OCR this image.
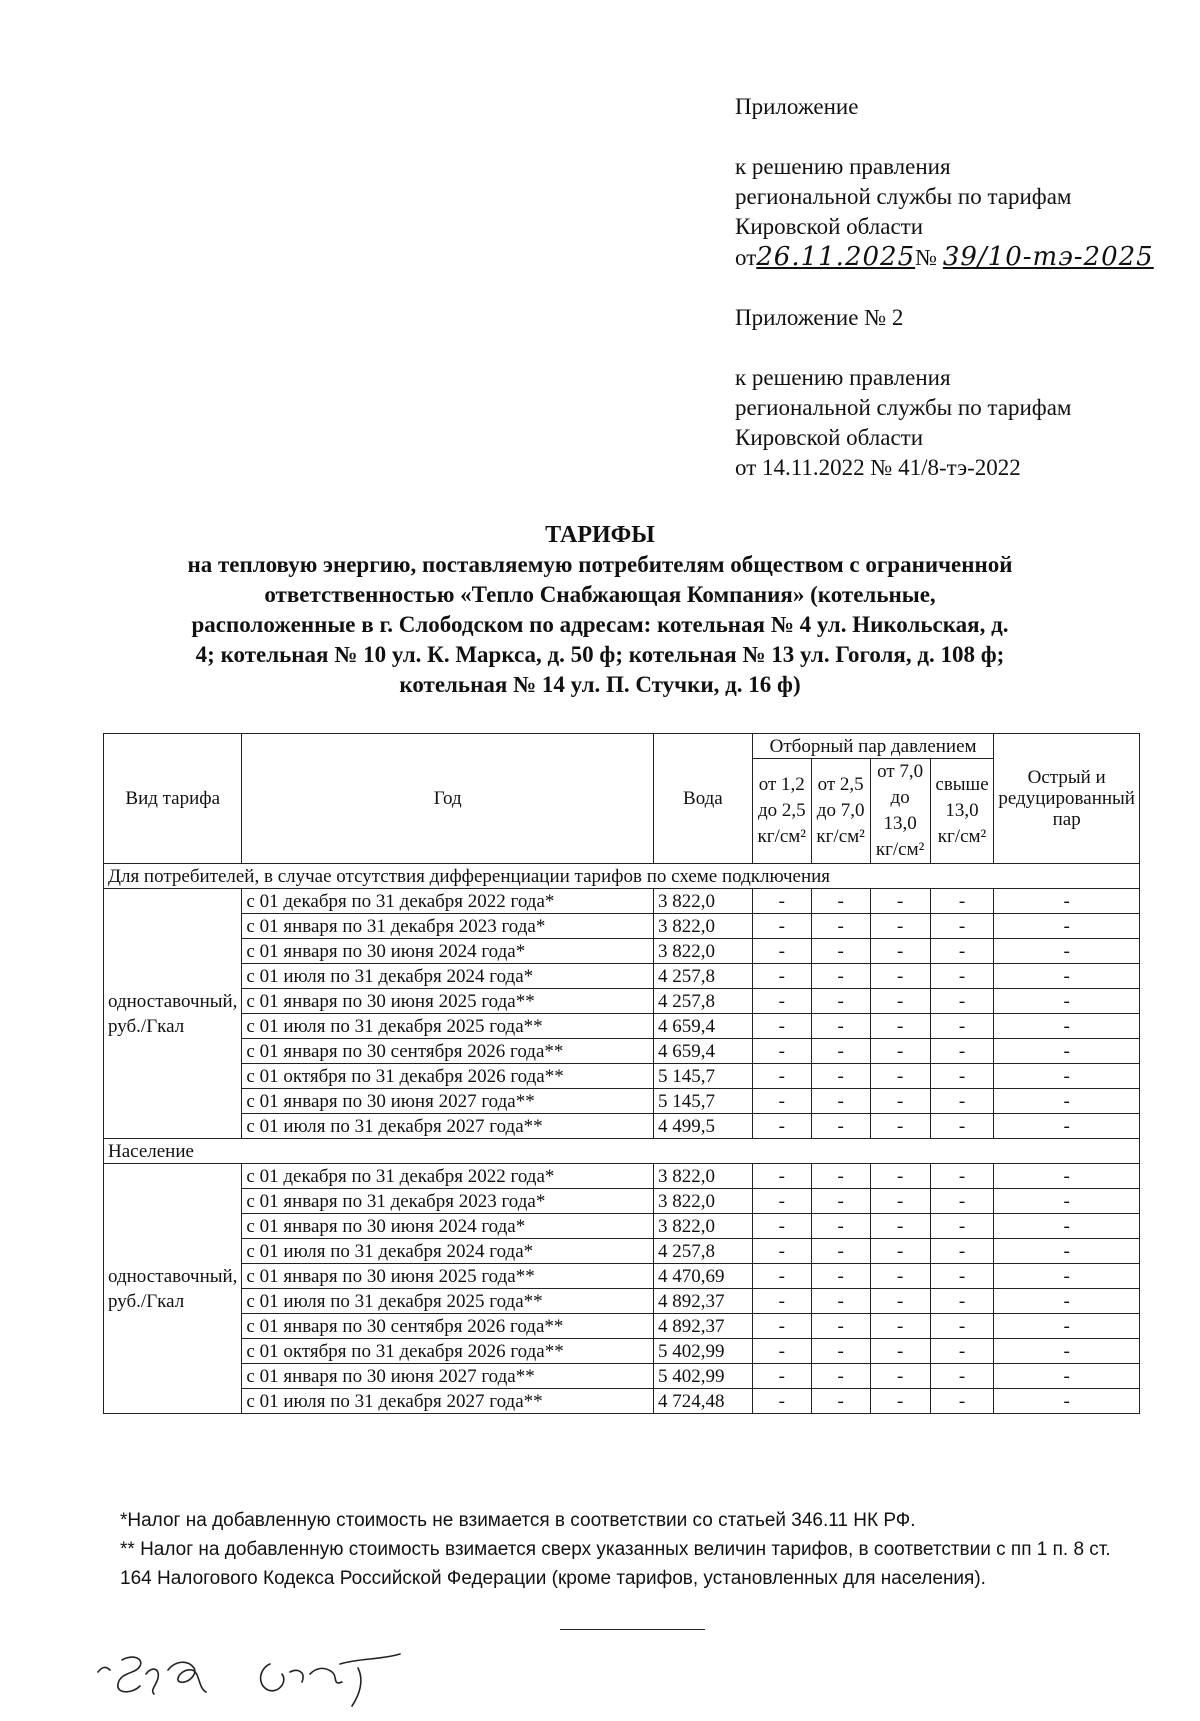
Приложение
к решению правления
региональной службы по тарифам
Кировской области
от26.11.2025№ 39/10-тэ-2025
Приложение № 2
к решению правления
региональной службы по тарифам
Кировской области
от 14.11.2022 № 41/8-тэ-2022
ТАРИФЫ
на тепловую энергию, поставляемую потребителям обществом с ограниченной
ответственностью «Тепло Снабжающая Компания» (котельные,
расположенные в г. Слободском по адресам: котельная № 4 ул. Никольская, д.
4; котельная № 10 ул. К. Маркса, д. 50 ф; котельная № 13 ул. Гоголя, д. 108 ф;
котельная № 14 ул. П. Стучки, д. 16 ф)
Вид тарифа	Год	Вода	Отборный пар давлением				Острый и редуцированный пар
			от 1,2 до 2,5 кг/см²	от 2,5 до 7,0 кг/см²	от 7,0 до 13,0 кг/см²	свыше 13,0 кг/см²	
Для потребителей, в случае отсутствия дифференциации тарифов по схеме подключения							
одноставочный, руб./Гкал	с 01 декабря по 31 декабря 2022 года*	3 822,0	-	-	-	-	-
	с 01 января по 31 декабря 2023 года*	3 822,0	-	-	-	-	-
	с 01 января по 30 июня 2024 года*	3 822,0	-	-	-	-	-
	с 01 июля по 31 декабря 2024 года*	4 257,8	-	-	-	-	-
	с 01 января по 30 июня 2025 года**	4 257,8	-	-	-	-	-
	с 01 июля по 31 декабря 2025 года**	4 659,4	-	-	-	-	-
	с 01 января по 30 сентября 2026 года**	4 659,4	-	-	-	-	-
	с 01 октября по 31 декабря 2026 года**	5 145,7	-	-	-	-	-
	с 01 января по 30 июня 2027 года**	5 145,7	-	-	-	-	-
	с 01 июля по 31 декабря 2027 года**	4 499,5	-	-	-	-	-
Население							
одноставочный, руб./Гкал	с 01 декабря по 31 декабря 2022 года*	3 822,0	-	-	-	-	-
	с 01 января по 31 декабря 2023 года*	3 822,0	-	-	-	-	-
	с 01 января по 30 июня 2024 года*	3 822,0	-	-	-	-	-
	с 01 июля по 31 декабря 2024 года*	4 257,8	-	-	-	-	-
	с 01 января по 30 июня 2025 года**	4 470,69	-	-	-	-	-
	с 01 июля по 31 декабря 2025 года**	4 892,37	-	-	-	-	-
	с 01 января по 30 сентября 2026 года**	4 892,37	-	-	-	-	-
	с 01 октября по 31 декабря 2026 года**	5 402,99	-	-	-	-	-
	с 01 января по 30 июня 2027 года**	5 402,99	-	-	-	-	-
	с 01 июля по 31 декабря 2027 года**	4 724,48	-	-	-	-	-

*Налог на добавленную стоимость не взимается в соответствии со статьей 346.11 НК РФ.

** Налог на добавленную стоимость взимается сверх указанных величин тарифов, в соответствии с пп 1 п. 8 ст. 164 Налогового Кодекса Российской Федерации (кроме тарифов, установленных для населения).
